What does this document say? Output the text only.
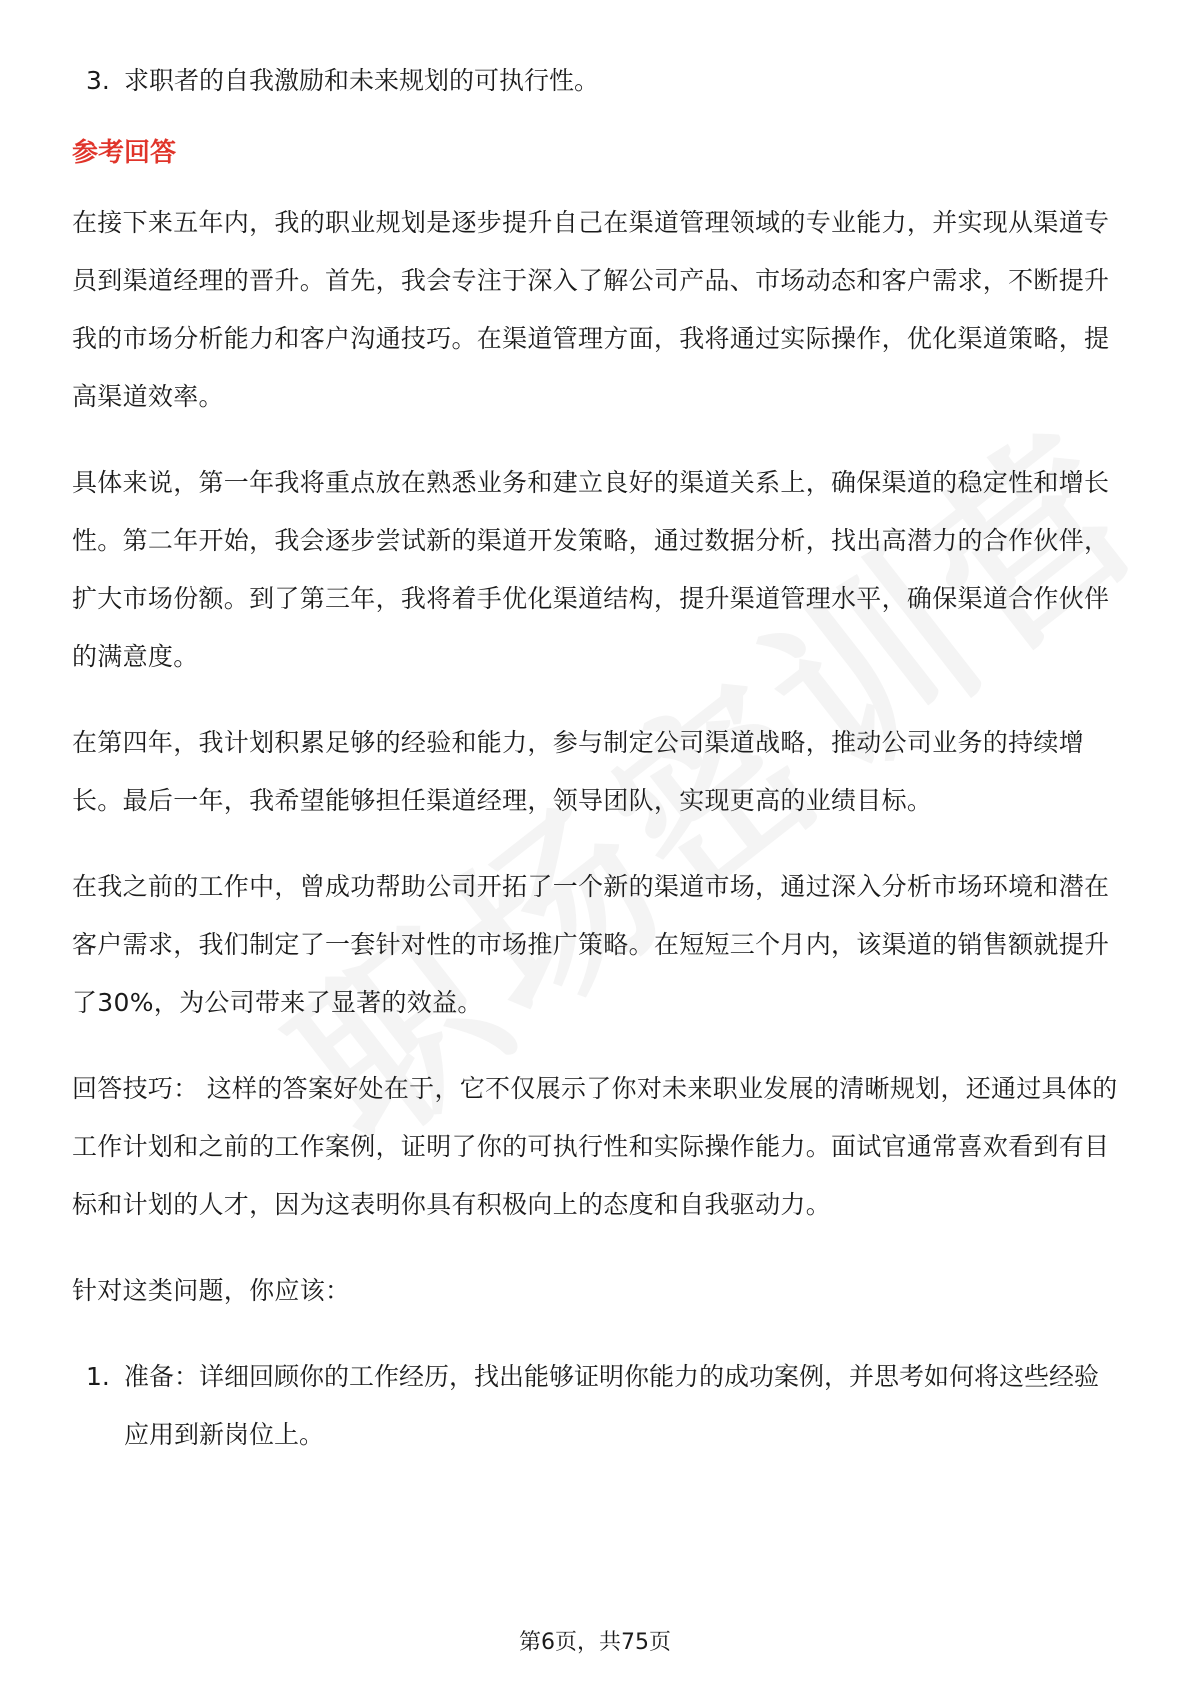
3. 求职者的自我激励和未来规划的可执行性。
参考回答

在接下来五年内，我的职业规划是逐步提升自己在渠道管理领域的专业能力，并实现从渠道专员到渠道经理的晋升。首先，我会专注于深入了解公司产品、市场动态和客户需求，不断提升我的市场分析能力和客户沟通技巧。在渠道管理方面，我将通过实际操作，优化渠道策略，提高渠道效率。

具体来说，第一年我将重点放在熟悉业务和建立良好的渠道关系上，确保渠道的稳定性和增长性。第二年开始，我会逐步尝试新的渠道开发策略，通过数据分析，找出高潜力的合作伙伴，扩大市场份额。到了第三年，我将着手优化渠道结构，提升渠道管理水平，确保渠道合作伙伴的满意度。

在第四年，我计划积累足够的经验和能力，参与制定公司渠道战略，推动公司业务的持续增长。最后一年，我希望能够担任渠道经理，领导团队，实现更高的业绩目标。

在我之前的工作中，曾成功帮助公司开拓了一个新的渠道市场，通过深入分析市场环境和潜在客户需求，我们制定了一套针对性的市场推广策略。在短短三个月内，该渠道的销售额就提升了30%，为公司带来了显著的效益。

回答技巧： 这样的答案好处在于，它不仅展示了你对未来职业发展的清晰规划，还通过具体的工作计划和之前的工作案例，证明了你的可执行性和实际操作能力。面试官通常喜欢看到有目标和计划的人才，因为这表明你具有积极向上的态度和自我驱动力。

针对这类问题，你应该：

1. 准备：详细回顾你的工作经历，找出能够证明你能力的成功案例，并思考如何将这些经验应用到新岗位上。
第6页，共75页
